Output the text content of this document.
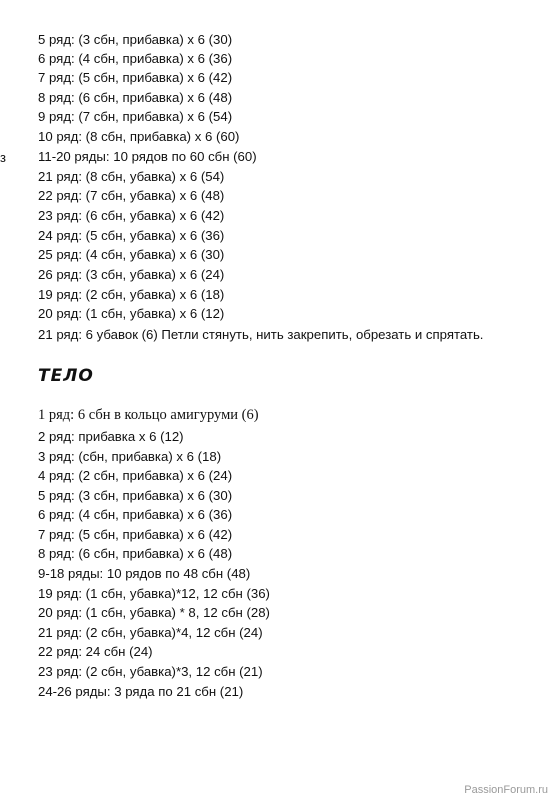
з
5 ряд: (3 сбн, прибавка) х 6 (30)
6 ряд: (4 сбн, прибавка) х 6 (36)
7 ряд: (5 сбн, прибавка) х 6 (42)
8 ряд: (6 сбн, прибавка) х 6 (48)
9 ряд: (7 сбн, прибавка) х 6 (54)
10 ряд: (8 сбн, прибавка) х 6 (60)
11-20 ряды: 10 рядов по 60 сбн (60)
21 ряд: (8 сбн, убавка) х 6 (54)
22 ряд: (7 сбн, убавка) х 6 (48)
23 ряд: (6 сбн, убавка) х 6 (42)
24 ряд: (5 сбн, убавка) х 6 (36)
25 ряд: (4 сбн, убавка) х 6 (30)
26 ряд: (3 сбн, убавка) х 6 (24)
19 ряд: (2 сбн, убавка) х 6 (18)
20 ряд: (1 сбн, убавка) х 6 (12)
21 ряд: 6 убавок (6) Петли стянуть, нить закрепить, обрезать и спрятать.
ТЕЛО
1 ряд: 6 сбн в кольцо амигуруми (6)
2 ряд: прибавка х 6 (12)
3 ряд: (сбн, прибавка) х 6 (18)
4 ряд: (2 сбн, прибавка) х 6 (24)
5 ряд: (3 сбн, прибавка) х 6 (30)
6 ряд: (4 сбн, прибавка) х 6 (36)
7 ряд: (5 сбн, прибавка) х 6 (42)
8 ряд: (6 сбн, прибавка) х 6 (48)
9-18 ряды: 10 рядов по 48 сбн (48)
19 ряд: (1 сбн, убавка)*12, 12 сбн (36)
20 ряд: (1 сбн, убавка) * 8, 12 сбн (28)
21 ряд: (2 сбн, убавка)*4, 12 сбн (24)
22 ряд: 24 сбн (24)
23 ряд: (2 сбн, убавка)*3, 12 сбн (21)
24-26 ряды: 3 ряда по 21 сбн (21)
PassionForum.ru
